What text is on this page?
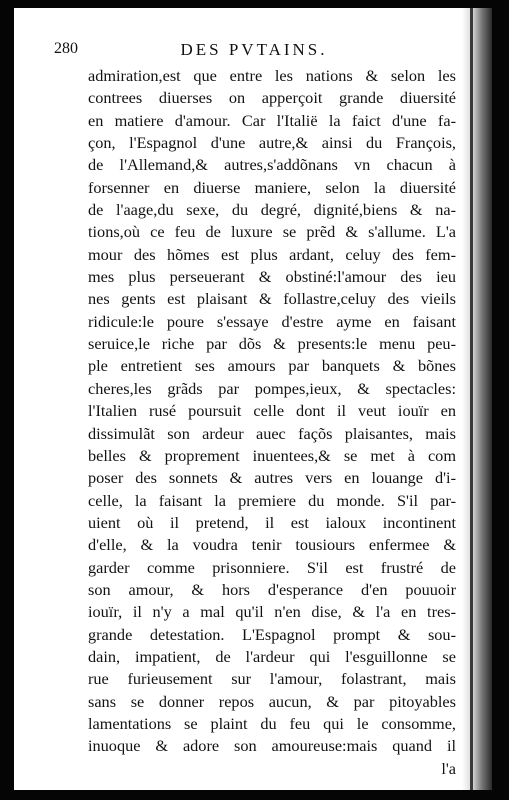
280	DES PVTAINS.
admiration,est que entre les nations & selon les
contrees diuerses on apperçoit grande diuersité
en matiere d'amour. Car l'Italië la faict d'une fa-
çon, l'Espagnol d'une autre,& ainsi du François,
de l'Allemand,& autres,s'addõnans vn chacun à
forsenner en diuerse maniere, selon la diuersité
de l'aage,du sexe, du degré, dignité,biens & na-
tions,où ce feu de luxure se prẽd & s'allume. L'a
mour des hõmes est plus ardant, celuy des fem-
mes plus perseuerant & obstiné:l'amour des ieu
nes gents est plaisant & follastre,celuy des vieils
ridicule:le poure s'essaye d'estre ayme en faisant
seruice,le riche par dõs & presents:le menu peu-
ple entretient ses amours par banquets & bõnes
cheres,les grãds par pompes,ieux, & spectacles:
l'Italien rusé poursuit celle dont il veut iouïr en
dissimulãt son ardeur auec façõs plaisantes, mais
belles & proprement inuentees,& se met à com
poser des sonnets & autres vers en louange d'i-
celle, la faisant la premiere du monde. S'il par-
uient où il pretend, il est ialoux incontinent
d'elle, & la voudra tenir tousiours enfermee &
garder comme prisonniere. S'il est frustré de
son amour, & hors d'esperance d'en pouuoir
iouïr, il n'y a mal qu'il n'en dise, & l'a en tres-
grande detestation. L'Espagnol prompt & sou-
dain, impatient, de l'ardeur qui l'esguillonne se
rue furieusement sur l'amour, folastrant, mais
sans se donner repos aucun, & par pitoyables
lamentations se plaint du feu qui le consomme,
inuoque & adore son amoureuse:mais quand il
l'a
